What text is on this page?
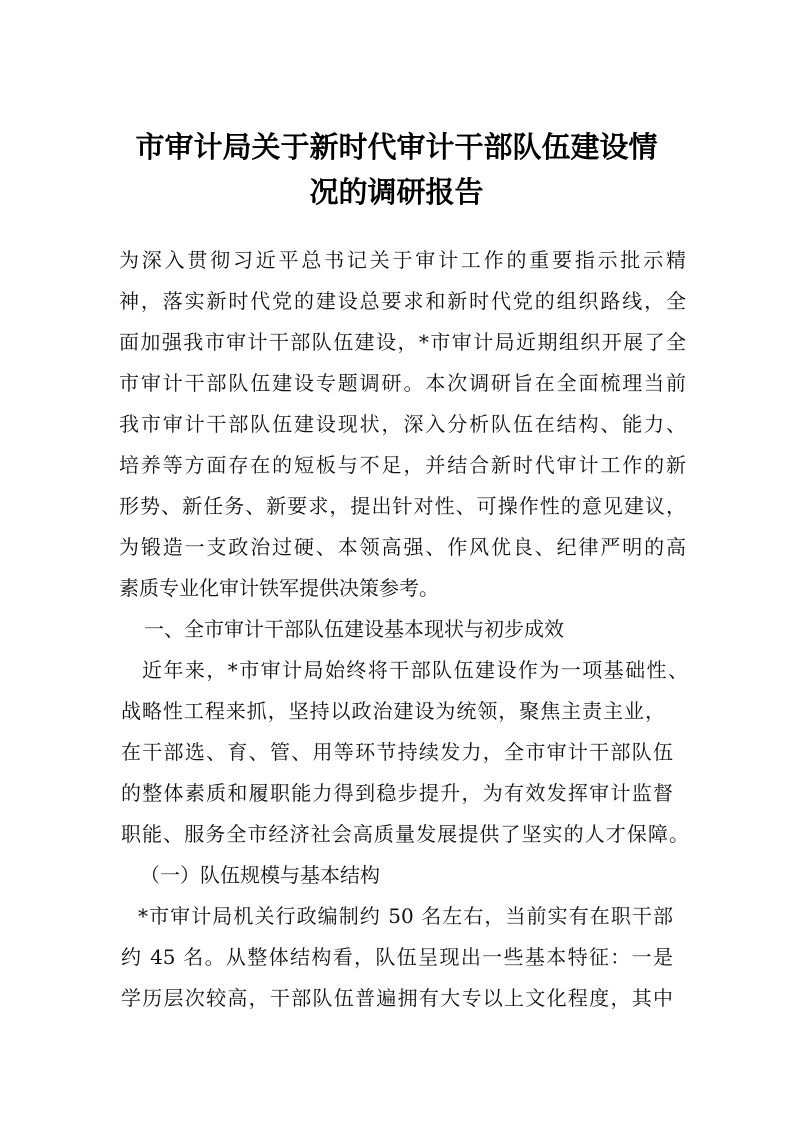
市审计局关于新时代审计干部队伍建设情
况的调研报告
为深入贯彻习近平总书记关于审计工作的重要指示批示精
神，落实新时代党的建设总要求和新时代党的组织路线，全
面加强我市审计干部队伍建设，*市审计局近期组织开展了全
市审计干部队伍建设专题调研。本次调研旨在全面梳理当前
我市审计干部队伍建设现状，深入分析队伍在结构、能力、
培养等方面存在的短板与不足，并结合新时代审计工作的新
形势、新任务、新要求，提出针对性、可操作性的意见建议，
为锻造一支政治过硬、本领高强、作风优良、纪律严明的高
素质专业化审计铁军提供决策参考。
一、全市审计干部队伍建设基本现状与初步成效
近年来，*市审计局始终将干部队伍建设作为一项基础性、
战略性工程来抓，坚持以政治建设为统领，聚焦主责主业，
在干部选、育、管、用等环节持续发力，全市审计干部队伍
的整体素质和履职能力得到稳步提升，为有效发挥审计监督
职能、服务全市经济社会高质量发展提供了坚实的人才保障。
（一）队伍规模与基本结构
*市审计局机关行政编制约 50 名左右，当前实有在职干部
约 45 名。从整体结构看，队伍呈现出一些基本特征：一是
学历层次较高，干部队伍普遍拥有大专以上文化程度，其中
